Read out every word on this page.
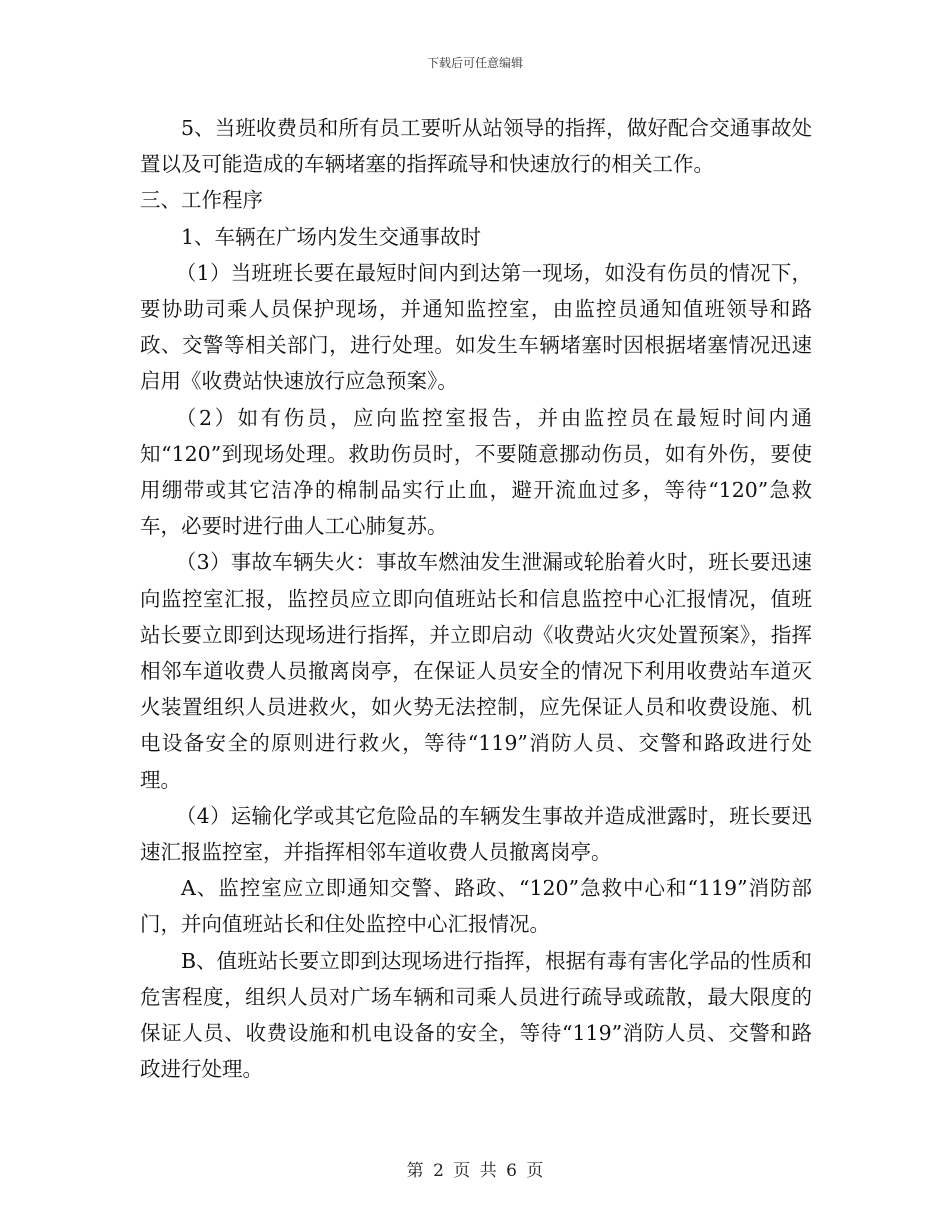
下载后可任意编辑

5、当班收费员和所有员工要听从站领导的指挥，做好配合交通事故处置以及可能造成的车辆堵塞的指挥疏导和快速放行的相关工作。

三、工作程序

1、车辆在广场内发生交通事故时

（1）当班班长要在最短时间内到达第一现场，如没有伤员的情况下，要协助司乘人员保护现场，并通知监控室，由监控员通知值班领导和路政、交警等相关部门，进行处理。如发生车辆堵塞时因根据堵塞情况迅速启用《收费站快速放行应急预案》。

（2）如有伤员，应向监控室报告，并由监控员在最短时间内通知“120”到现场处理。救助伤员时，不要随意挪动伤员，如有外伤，要使用绷带或其它洁净的棉制品实行止血，避开流血过多，等待“120”急救车，必要时进行曲人工心肺复苏。

（3）事故车辆失火：事故车燃油发生泄漏或轮胎着火时，班长要迅速向监控室汇报，监控员应立即向值班站长和信息监控中心汇报情况，值班站长要立即到达现场进行指挥，并立即启动《收费站火灾处置预案》，指挥相邻车道收费人员撤离岗亭，在保证人员安全的情况下利用收费站车道灭火装置组织人员进救火，如火势无法控制，应先保证人员和收费设施、机电设备安全的原则进行救火，等待“119”消防人员、交警和路政进行处理。

（4）运输化学或其它危险品的车辆发生事故并造成泄露时，班长要迅速汇报监控室，并指挥相邻车道收费人员撤离岗亭。

A、监控室应立即通知交警、路政、“120”急救中心和“119”消防部门，并向值班站长和住处监控中心汇报情况。

B、值班站长要立即到达现场进行指挥，根据有毒有害化学品的性质和危害程度，组织人员对广场车辆和司乘人员进行疏导或疏散，最大限度的保证人员、收费设施和机电设备的安全，等待“119”消防人员、交警和路政进行处理。

第 2 页 共 6 页
